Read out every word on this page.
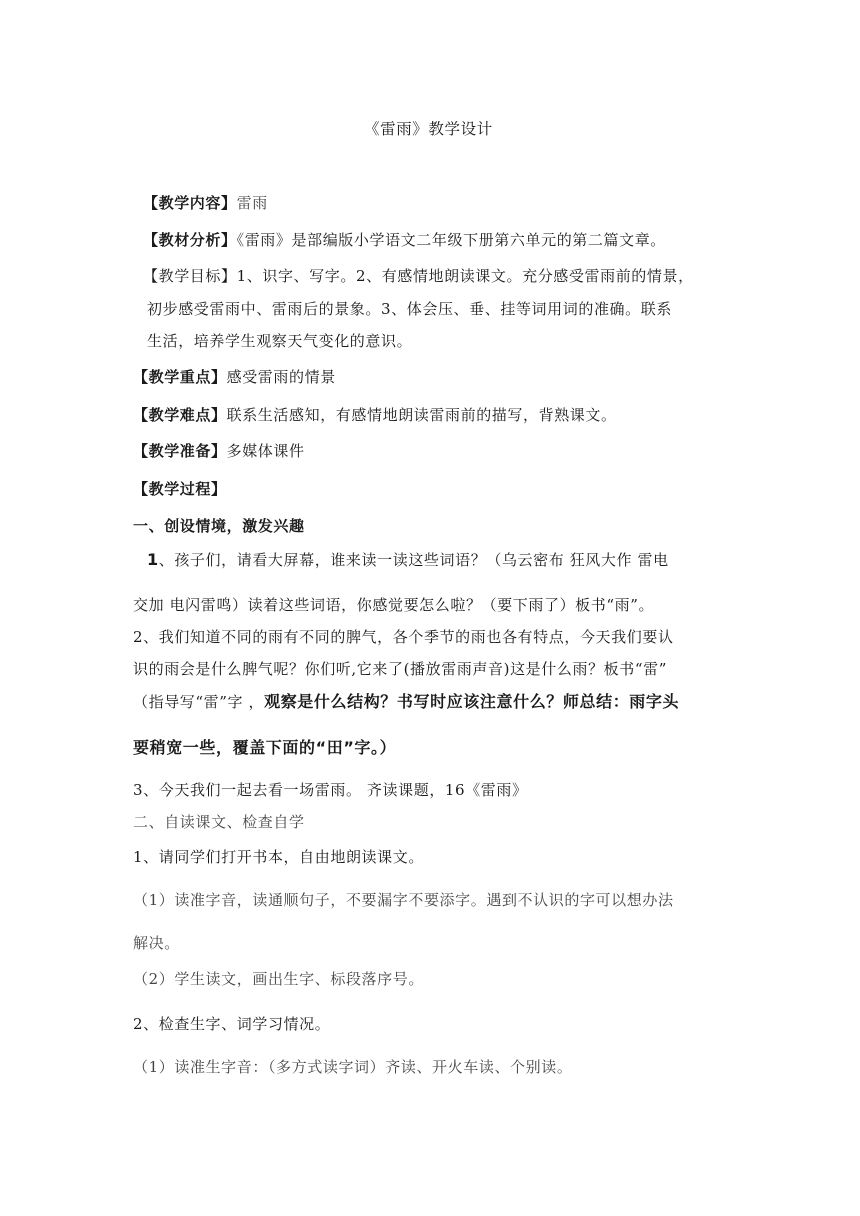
《雷雨》教学设计
【教学内容】雷雨
【教材分析】《雷雨》是部编版小学语文二年级下册第六单元的第二篇文章。
【教学目标】1、识字、写字。2、有感情地朗读课文。充分感受雷雨前的情景，
初步感受雷雨中、雷雨后的景象。3、体会压、垂、挂等词用词的准确。联系
生活，培养学生观察天气变化的意识。
【教学重点】感受雷雨的情景
【教学难点】联系生活感知，有感情地朗读雷雨前的描写，背熟课文。
【教学准备】多媒体课件
【教学过程】
一、创设情境，激发兴趣
1、孩子们，请看大屏幕，谁来读一读这些词语？（乌云密布 狂风大作 雷电
交加 电闪雷鸣）读着这些词语，你感觉要怎么啦？（要下雨了）板书“雨”。
2、我们知道不同的雨有不同的脾气，各个季节的雨也各有特点，今天我们要认
识的雨会是什么脾气呢？你们听,它来了(播放雷雨声音)这是什么雨？板书“雷”
（指导写“雷”字 ，观察是什么结构？书写时应该注意什么？师总结：雨字头
要稍宽一些，覆盖下面的“田”字。）
3、今天我们一起去看一场雷雨。 齐读课题，16《雷雨》
二、自读课文、检查自学
1、请同学们打开书本，自由地朗读课文。
（1）读准字音，读通顺句子，不要漏字不要添字。遇到不认识的字可以想办法
解决。
（2）学生读文，画出生字、标段落序号。
2、检查生字、词学习情况。
（1）读准生字音：（多方式读字词）齐读、开火车读、个别读。
